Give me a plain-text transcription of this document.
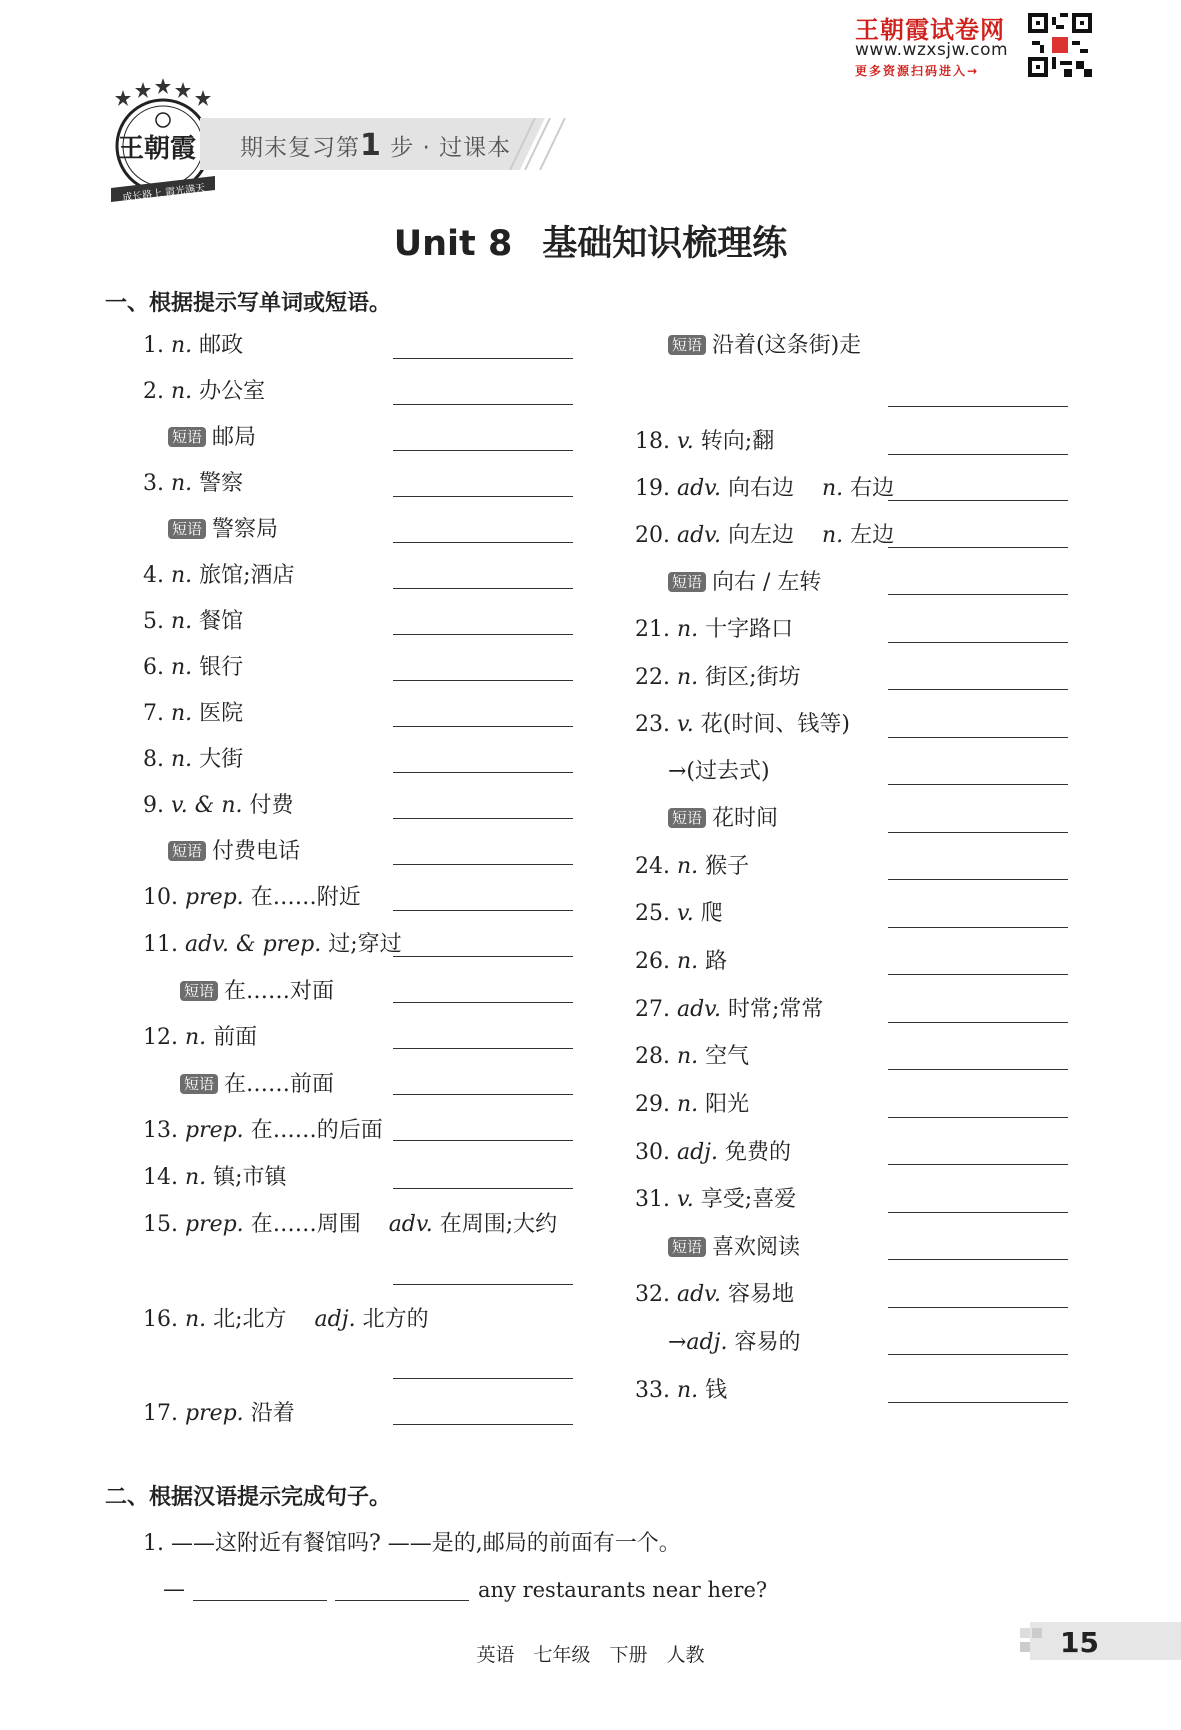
王朝霞试卷网
www.wzxsjw.com
更多资源扫码进入→
王朝霞
成长路上 霞光满天
期末复习第1 步 · 过课本
Unit 8 基础知识梳理练
一、根据提示写单词或短语。
1. n. 邮政
2. n. 办公室
短语 邮局
3. n. 警察
短语 警察局
4. n. 旅馆;酒店
5. n. 餐馆
6. n. 银行
7. n. 医院
8. n. 大街
9. v. & n. 付费
短语 付费电话
10. prep. 在……附近
11. adv. & prep. 过;穿过
短语 在……对面
12. n. 前面
短语 在……前面
13. prep. 在……的后面
14. n. 镇;市镇
15. prep. 在……周围 adv. 在周围;大约
16. n. 北;北方 adj. 北方的
17. prep. 沿着
短语 沿着(这条街)走
18. v. 转向;翻
19. adv. 向右边 n. 右边
20. adv. 向左边 n. 左边
短语 向右 / 左转
21. n. 十字路口
22. n. 街区;街坊
23. v. 花(时间、钱等)
→(过去式)
短语 花时间
24. n. 猴子
25. v. 爬
26. n. 路
27. adv. 时常;常常
28. n. 空气
29. n. 阳光
30. adj. 免费的
31. v. 享受;喜爱
短语 喜欢阅读
32. adv. 容易地
→adj. 容易的
33. n. 钱
二、根据汉语提示完成句子。
1. ——这附近有餐馆吗? ——是的,邮局的前面有一个。
—	any restaurants near here?
英语　七年级　下册　人教	15
